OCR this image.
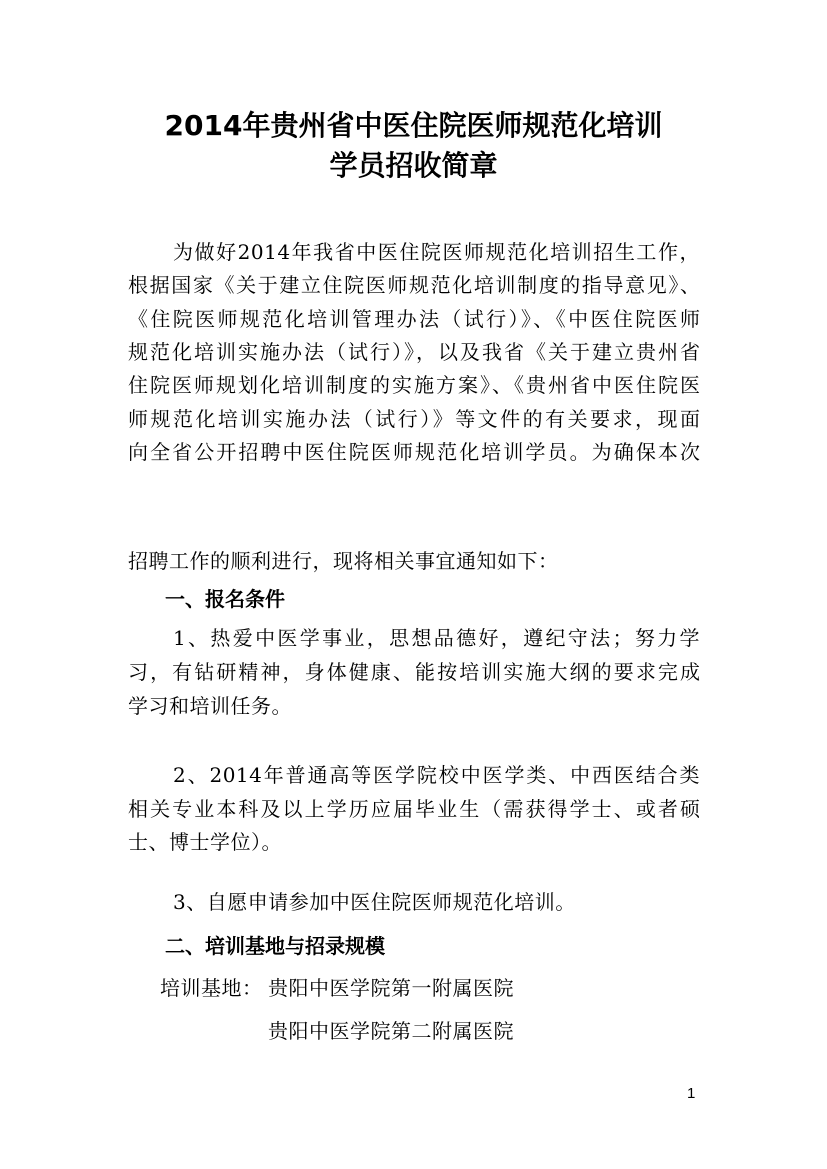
2014年贵州省中医住院医师规范化培训
学员招收简章
为做好2014年我省中医住院医师规范化培训招生工作，
根据国家《关于建立住院医师规范化培训制度的指导意见》、
《住院医师规范化培训管理办法（试行）》、《中医住院医师
规范化培训实施办法（试行）》，以及我省《关于建立贵州省
住院医师规划化培训制度的实施方案》、《贵州省中医住院医
师规范化培训实施办法（试行）》等文件的有关要求，现面
向全省公开招聘中医住院医师规范化培训学员。为确保本次
招聘工作的顺利进行，现将相关事宜通知如下：
一、报名条件
1、热爱中医学事业，思想品德好，遵纪守法；努力学
习，有钻研精神，身体健康、能按培训实施大纲的要求完成
学习和培训任务。
2、2014年普通高等医学院校中医学类、中西医结合类
相关专业本科及以上学历应届毕业生（需获得学士、或者硕
士、博士学位）。
3、自愿申请参加中医住院医师规范化培训。
二、培训基地与招录规模
培训基地： 贵阳中医学院第一附属医院
贵阳中医学院第二附属医院
1
